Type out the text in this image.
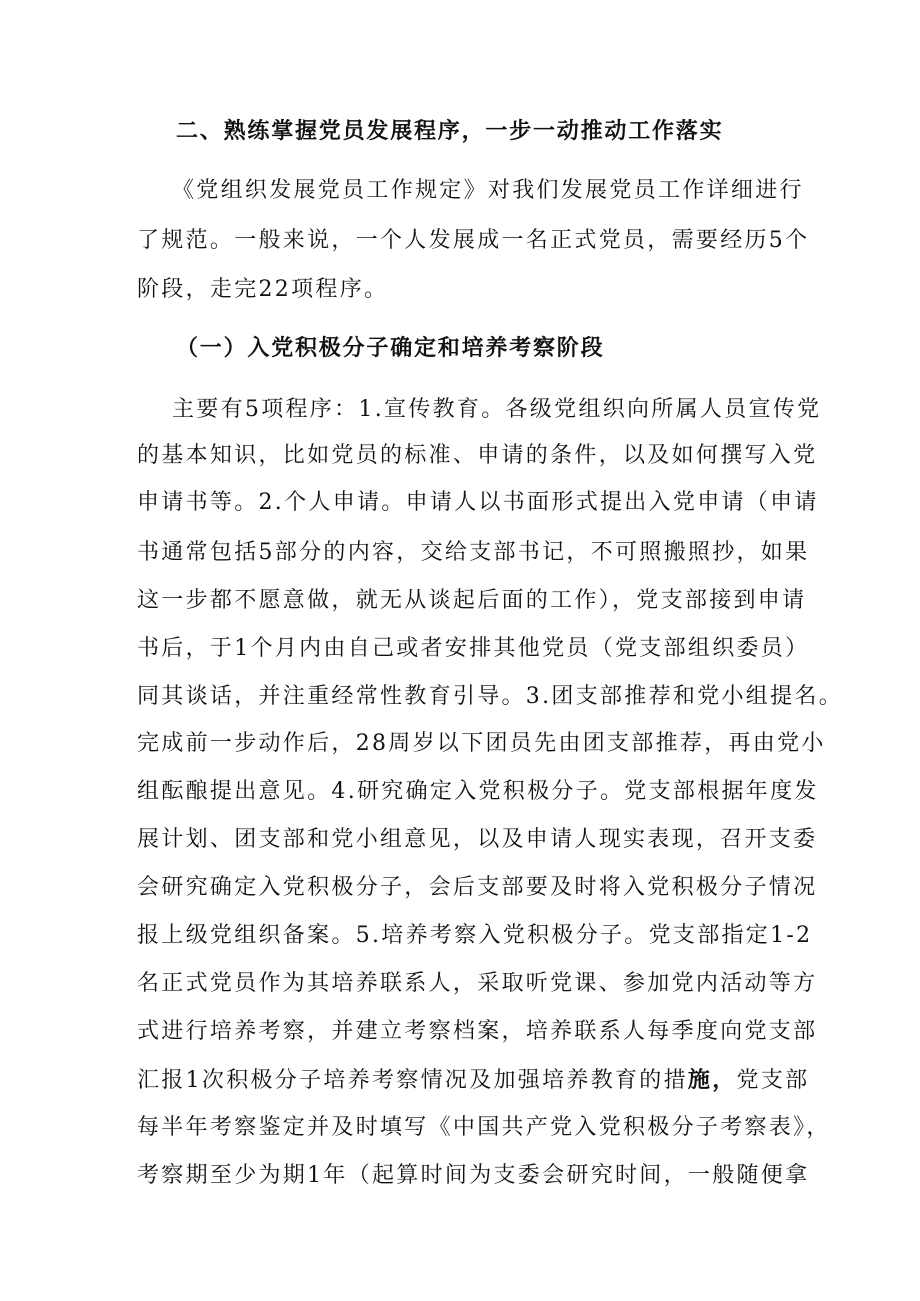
二、熟练掌握党员发展程序，一步一动推动工作落实
《党组织发展党员工作规定》对我们发展党员工作详细进行
了规范。一般来说，一个人发展成一名正式党员，需要经历5个
阶段，走完22项程序。
（一）入党积极分子确定和培养考察阶段
主要有5项程序：1.宣传教育。各级党组织向所属人员宣传党
的基本知识，比如党员的标准、申请的条件，以及如何撰写入党
申请书等。2.个人申请。申请人以书面形式提出入党申请（申请
书通常包括5部分的内容，交给支部书记，不可照搬照抄，如果
这一步都不愿意做，就无从谈起后面的工作），党支部接到申请
书后，于1个月内由自己或者安排其他党员（党支部组织委员）
同其谈话，并注重经常性教育引导。3.团支部推荐和党小组提名。
完成前一步动作后，28周岁以下团员先由团支部推荐，再由党小
组酝酿提出意见。4.研究确定入党积极分子。党支部根据年度发
展计划、团支部和党小组意见，以及申请人现实表现，召开支委
会研究确定入党积极分子，会后支部要及时将入党积极分子情况
报上级党组织备案。5.培养考察入党积极分子。党支部指定1-2
名正式党员作为其培养联系人，采取听党课、参加党内活动等方
式进行培养考察，并建立考察档案，培养联系人每季度向党支部
汇报1次积极分子培养考察情况及加强培养教育的措施，党支部
每半年考察鉴定并及时填写《中国共产党入党积极分子考察表》，
考察期至少为期1年（起算时间为支委会研究时间，一般随便拿
